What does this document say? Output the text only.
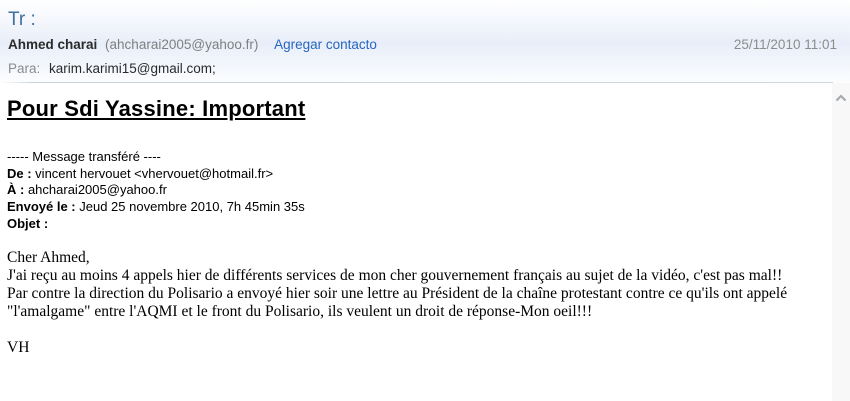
Tr :
Ahmed charai (ahcharai2005@yahoo.fr) Agregar contacto	25/11/2010 11:01
Para: karim.karimi15@gmail.com;
Pour Sdi Yassine: Important
----- Message transféré ----
De : vincent hervouet <vhervouet@hotmail.fr>
À : ahcharai2005@yahoo.fr
Envoyé le : Jeud 25 novembre 2010, 7h 45min 35s
Objet :
Cher Ahmed,
J'ai reçu au moins 4 appels hier de différents services de mon cher gouvernement français au sujet de la vidéo, c'est pas mal!!
Par contre la direction du Polisario a envoyé hier soir une lettre au Président de la chaîne protestant contre ce qu'ils ont appelé
"l'amalgame" entre l'AQMI et le front du Polisario, ils veulent un droit de réponse-Mon oeil!!!
VH
